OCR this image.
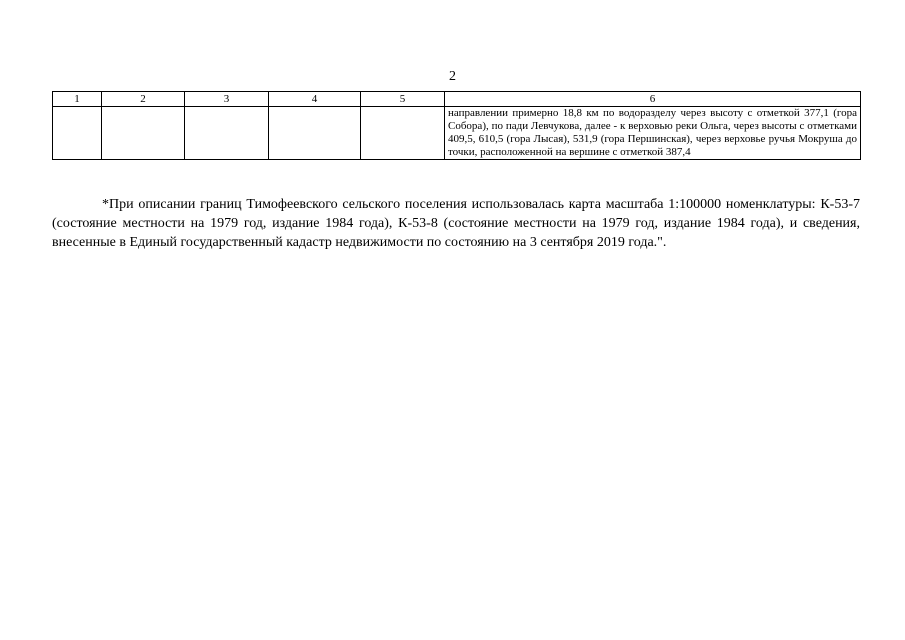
2
1	2	3	4	5	6
					направлении примерно 18,8 км по водоразделу через высоту с отметкой 377,1 (гора Собора), по пади Левчукова, далее - к верховью реки Ольга, через высоты с отметками 409,5, 610,5 (гора Лысая), 531,9 (гора Першинская), через верховье ручья Мокруша до точки, расположенной на вершине с отметкой 387,4

*При описании границ Тимофеевского сельского поселения использовалась карта масштаба 1:100000 номенклатуры: К-53-7 (состояние местности на 1979 год, издание 1984 года), К-53-8 (состояние местности на 1979 год, издание 1984 года), и сведения, внесенные в Единый государственный кадастр недвижимости по состоянию на 3 сентября 2019 года.".
